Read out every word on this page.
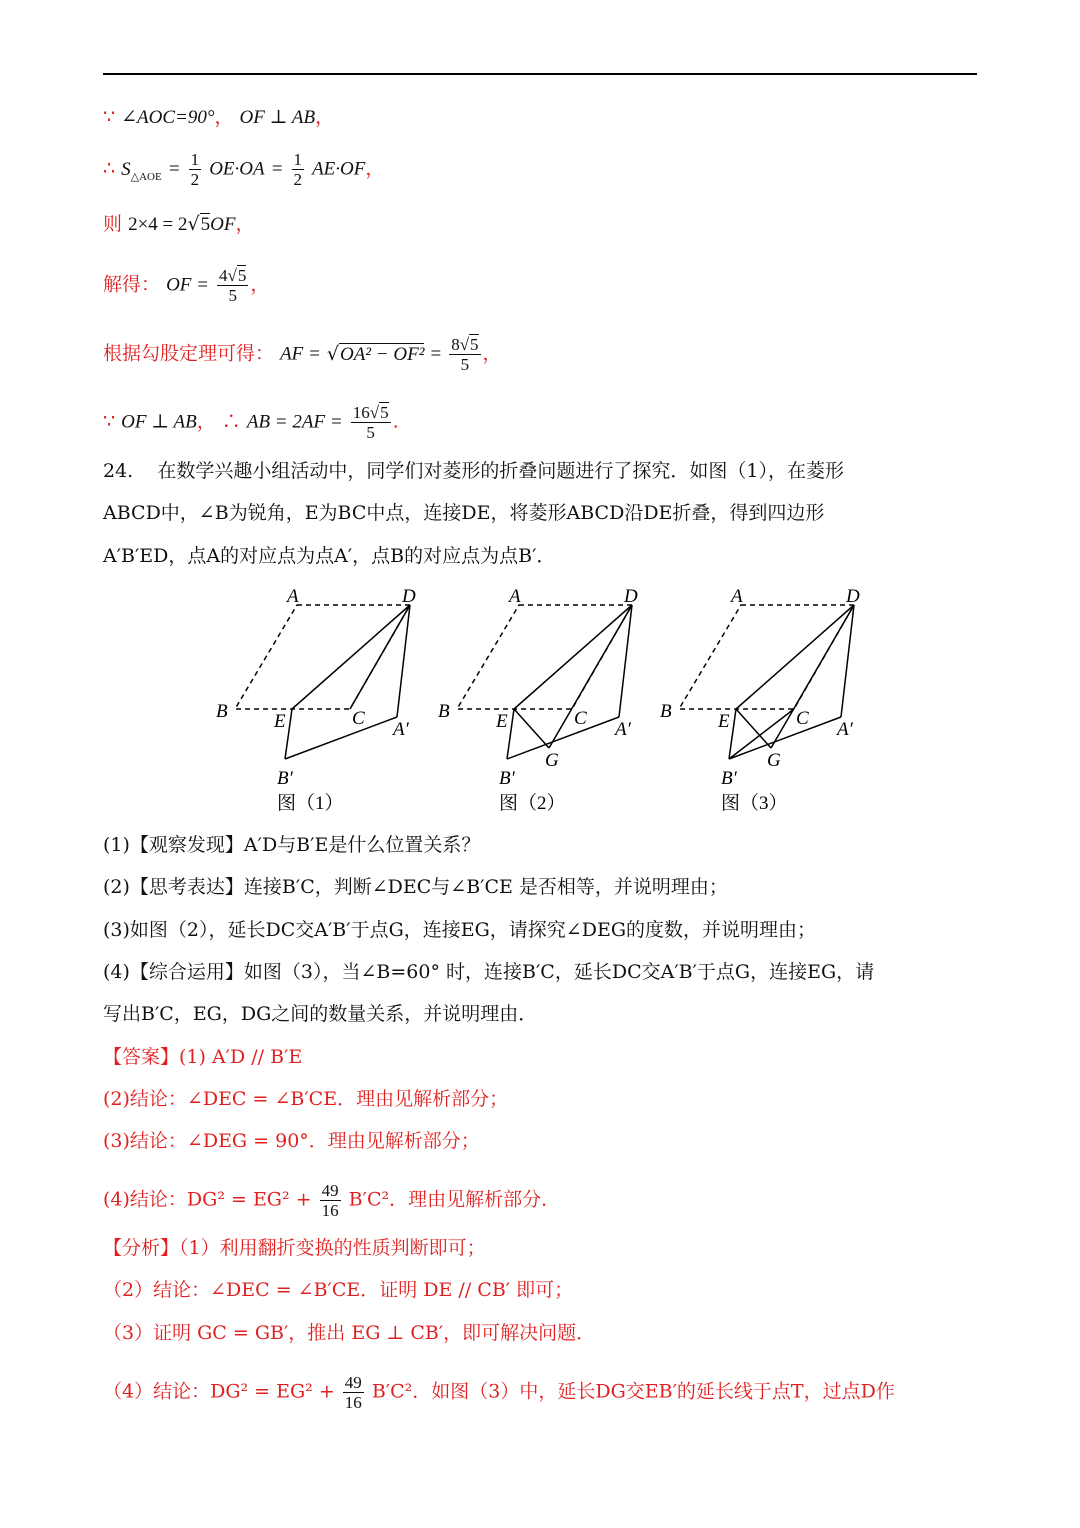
∵ ∠AOC=90°， OF ⊥ AB，
∴ $S_{\triangle AOE} = \frac{1}{2} OE\cdot OA = \frac{1}{2} AE\cdot OF$，
则 2×4 = 2√5OF，
解得： OF = $\frac{4√5}{5}$ ，
根据勾股定理可得： AF = $√OA^2 - OF^2 = \frac{8√5}{5}$ ，
∵ OF ⊥ AB， ∴ AB = $2AF = \frac{16√5}{5}$ .
24. 在数学兴趣小组活动中，同学们对菱形的折叠问题进行了探究．如图（1），在菱形
ABCD中，∠B为锐角，E为BC中点，连接DE，将菱形ABCD沿DE折叠，得到四边形
A′B′ED，点A的对应点为点A′，点B的对应点为点B′．
A	D
B E	C
A′
B′
A	D
B E	C
A′
G
B′
A	D
B E	C
A′
G
B′
图（1）	图（2）	图（3）
(1)【观察发现】A′D与B′E是什么位置关系？
(2)【思考表达】连接B′C，判断∠DEC与∠B′CE 是否相等，并说明理由；
(3)如图（2），延长DC交A′B′于点G，连接EG，请探究∠DEG的度数，并说明理由；
(4)【综合运用】如图（3），当∠B=60° 时，连接B′C，延长DC交A′B′于点G，连接EG，请
写出B′C，EG，DG之间的数量关系，并说明理由．
【答案】(1) A′D // B′E
(2)结论：∠DEC = ∠B′CE．理由见解析部分；
(3)结论：∠DEG = 90°．理由见解析部分；
(4)结论：$DG^2 = EG^2 + \frac{49}{16} B'C^2$．理由见解析部分．
【分析】（1）利用翻折变换的性质判断即可；
（2）结论：∠DEC = ∠B′CE．证明 DE // CB′ 即可；
（3）证明 GC = GB′，推出 EG ⊥ CB′，即可解决问题．
（4）结论：$DG^2 = EG^2 + \frac{49}{16} B'C^2$．如图（3）中，延长DG交EB′的延长线于点T，过点D作
